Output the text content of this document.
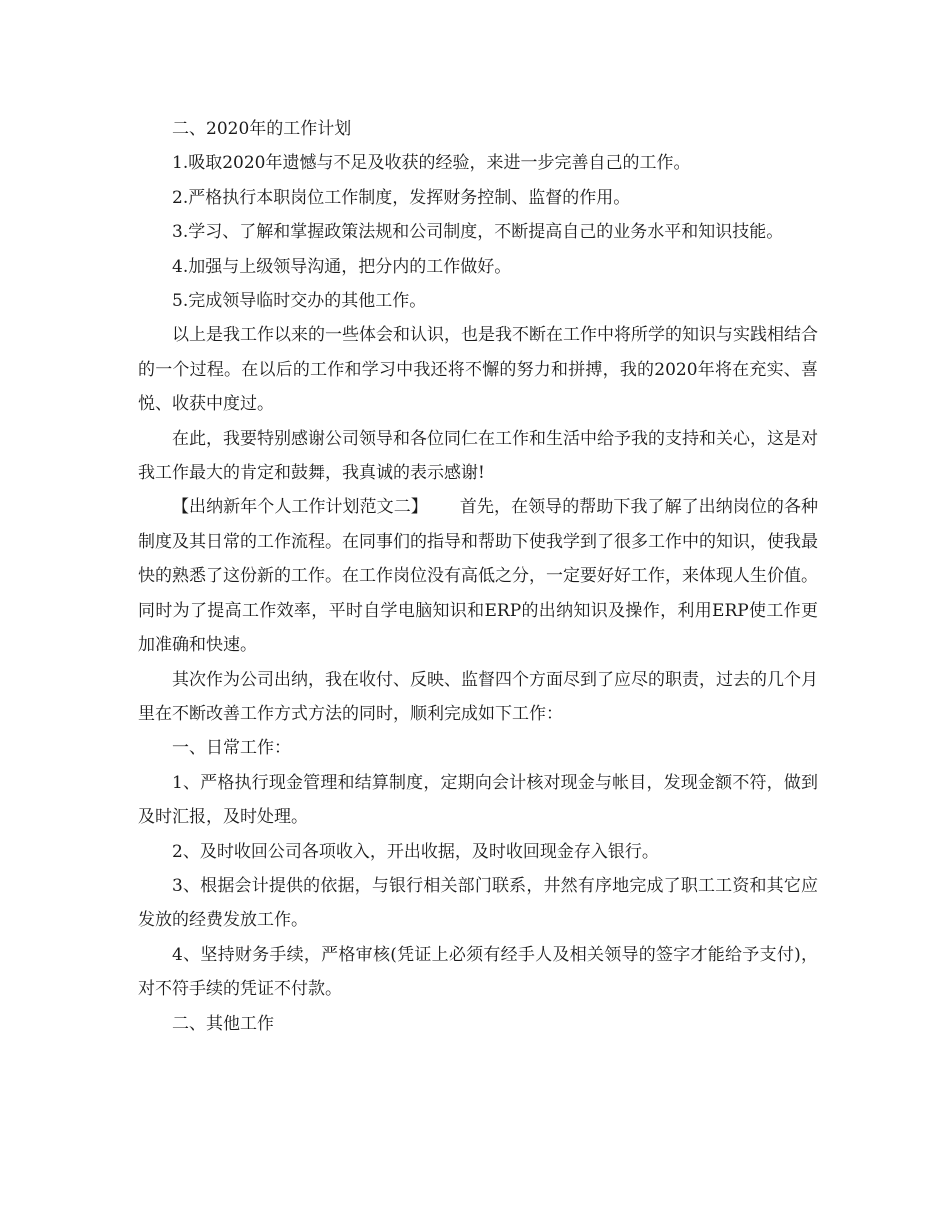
二、2020年的工作计划

1.吸取2020年遗憾与不足及收获的经验，来进一步完善自己的工作。

2.严格执行本职岗位工作制度，发挥财务控制、监督的作用。

3.学习、了解和掌握政策法规和公司制度，不断提高自己的业务水平和知识技能。

4.加强与上级领导沟通，把分内的工作做好。

5.完成领导临时交办的其他工作。

以上是我工作以来的一些体会和认识，也是我不断在工作中将所学的知识与实践相结合的一个过程。在以后的工作和学习中我还将不懈的努力和拼搏，我的2020年将在充实、喜悦、收获中度过。

在此，我要特别感谢公司领导和各位同仁在工作和生活中给予我的支持和关心，这是对我工作最大的肯定和鼓舞，我真诚的表示感谢!

【出纳新年个人工作计划范文二】 首先，在领导的帮助下我了解了出纳岗位的各种制度及其日常的工作流程。在同事们的指导和帮助下使我学到了很多工作中的知识，使我最快的熟悉了这份新的工作。在工作岗位没有高低之分，一定要好好工作，来体现人生价值。同时为了提高工作效率，平时自学电脑知识和ERP的出纳知识及操作，利用ERP使工作更加准确和快速。

其次作为公司出纳，我在收付、反映、监督四个方面尽到了应尽的职责，过去的几个月里在不断改善工作方式方法的同时，顺利完成如下工作：

一、日常工作：

1、严格执行现金管理和结算制度，定期向会计核对现金与帐目，发现金额不符，做到及时汇报，及时处理。

2、及时收回公司各项收入，开出收据，及时收回现金存入银行。

3、根据会计提供的依据，与银行相关部门联系，井然有序地完成了职工工资和其它应发放的经费发放工作。

4、坚持财务手续，严格审核(凭证上必须有经手人及相关领导的签字才能给予支付)，对不符手续的凭证不付款。

二、其他工作
